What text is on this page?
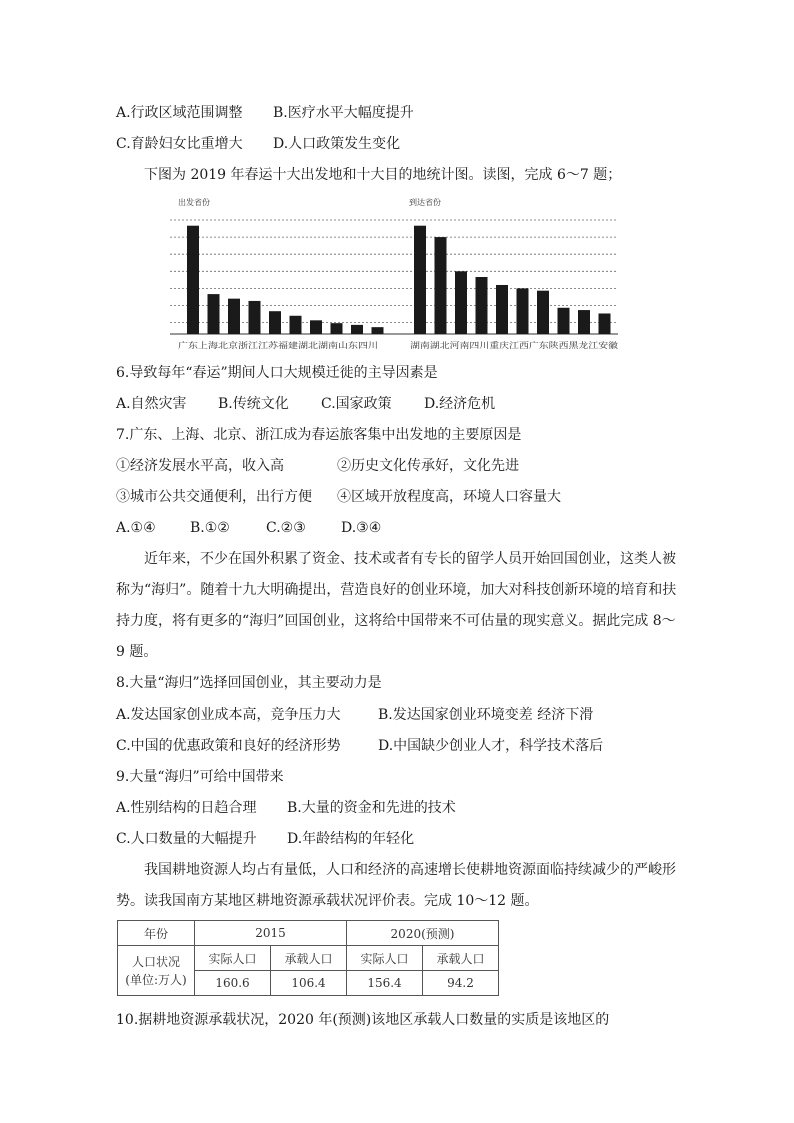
A.行政区域范围调整 B.医疗水平大幅度提升
C.育龄妇女比重增大 D.人口政策发生变化
下图为 2019 年春运十大出发地和十大目的地统计图。读图，完成 6～7 题；
出发省份	到达省份
广东上海北京浙江江苏福建湖北湖南山东四川	湖南湖北河南四川重庆江西广东陕西黑龙江安徽
6.导致每年“春运”期间人口大规模迁徙的主导因素是
A.自然灾害 B.传统文化 C.国家政策 D.经济危机
7.广东、上海、北京、浙江成为春运旅客集中出发地的主要原因是
①经济发展水平高，收入高	②历史文化传承好，文化先进
③城市公共交通便利，出行方便 ④区域开放程度高，环境人口容量大
A.①④ B.①②	C.②③	D.③④
近年来，不少在国外积累了资金、技术或者有专长的留学人员开始回国创业，这类人被
称为“海归”。随着十九大明确提出，营造良好的创业环境，加大对科技创新环境的培育和扶
持力度，将有更多的“海归”回国创业，这将给中国带来不可估量的现实意义。据此完成 8～
9 题。
8.大量“海归”选择回国创业，其主要动力是
A.发达国家创业成本高，竞争压力大	B.发达国家创业环境变差 经济下滑
C.中国的优惠政策和良好的经济形势	D.中国缺少创业人才，科学技术落后
9.大量“海归”可给中国带来
A.性别结构的日趋合理 B.大量的资金和先进的技术
C.人口数量的大幅提升 D.年龄结构的年轻化
我国耕地资源人均占有量低，人口和经济的高速增长使耕地资源面临持续减少的严峻形
势。读我国南方某地区耕地资源承载状况评价表。完成 10～12 题。
年份	2015		2020(预测)	

人口状况
(单位:万人)	实际人口	承载人口	实际人口	承载人口
	160.6	106.4	156.4	94.2
10.据耕地资源承载状况，2020 年(预测)该地区承载人口数量的实质是该地区的
